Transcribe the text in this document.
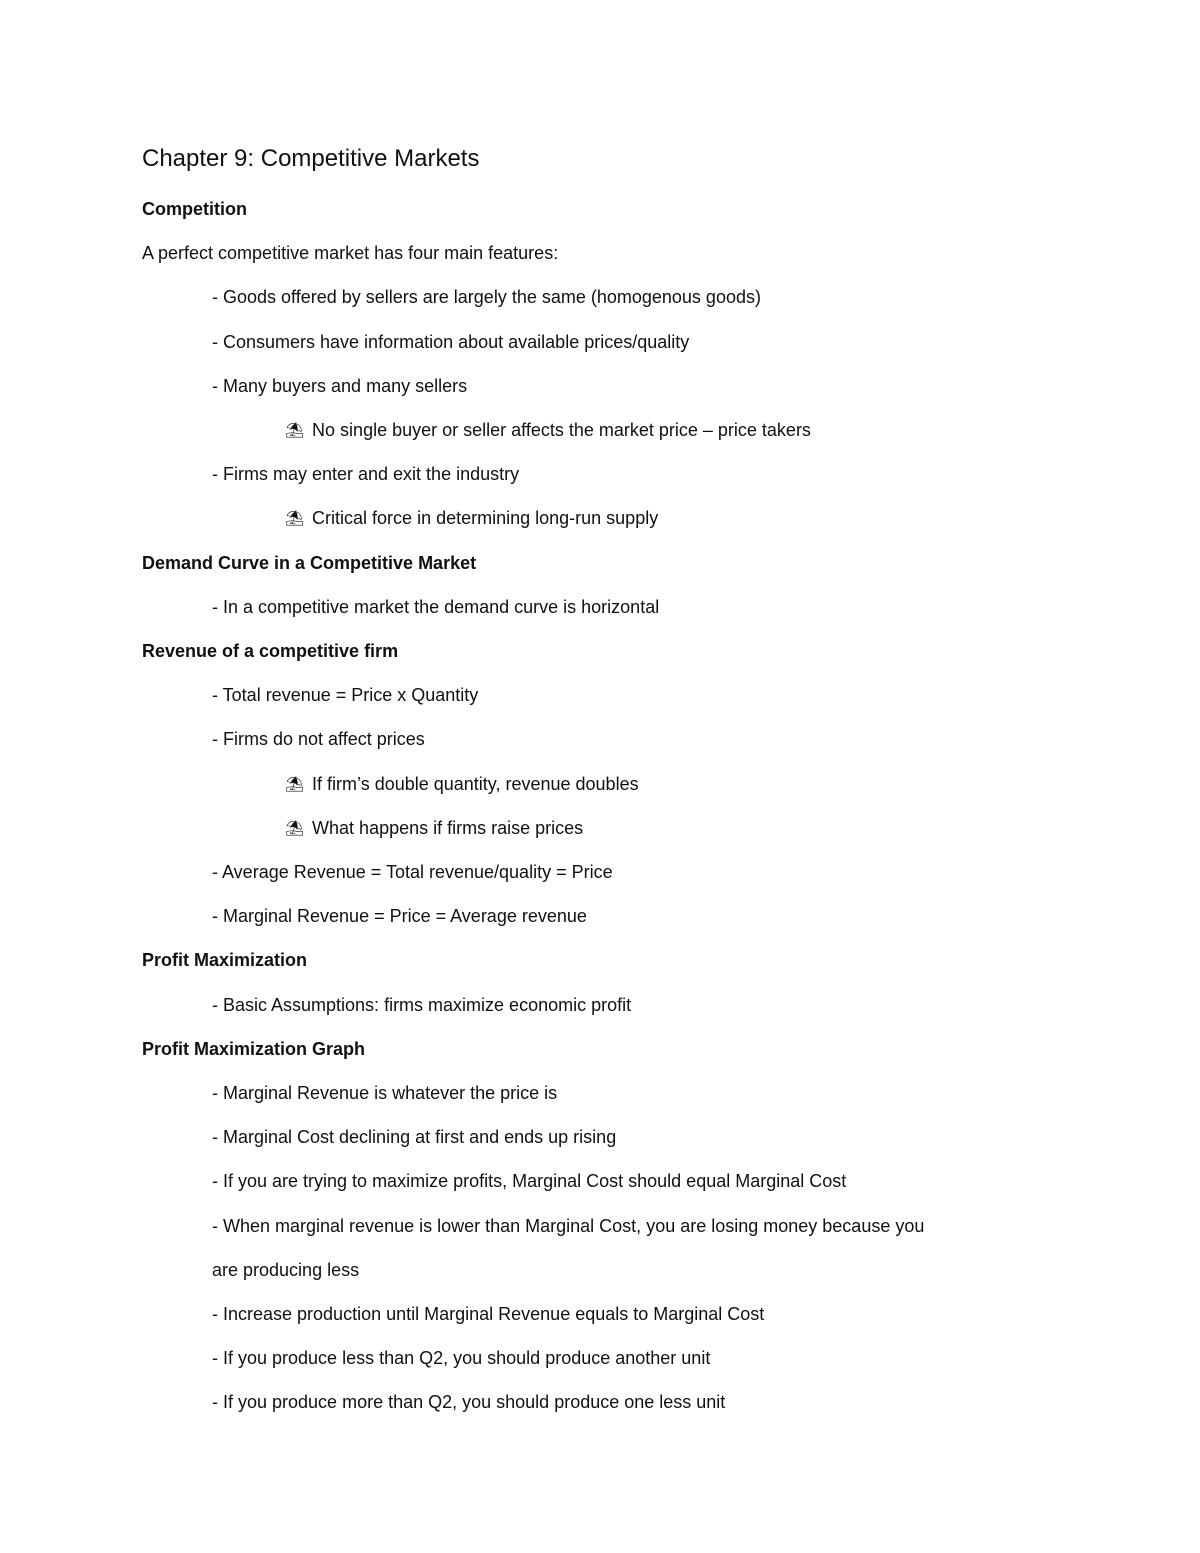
Chapter 9: Competitive Markets
Competition
A perfect competitive market has four main features:
- Goods offered by sellers are largely the same (homogenous goods)
- Consumers have information about available prices/quality
- Many buyers and many sellers
⛱ No single buyer or seller affects the market price – price takers
- Firms may enter and exit the industry
⛱ Critical force in determining long-run supply
Demand Curve in a Competitive Market
- In a competitive market the demand curve is horizontal
Revenue of a competitive firm
- Total revenue = Price x Quantity
- Firms do not affect prices
⛱ If firm’s double quantity, revenue doubles
⛱ What happens if firms raise prices
- Average Revenue = Total revenue/quality = Price
- Marginal Revenue = Price = Average revenue
Profit Maximization
- Basic Assumptions: firms maximize economic profit
Profit Maximization Graph
- Marginal Revenue is whatever the price is
- Marginal Cost declining at first and ends up rising
- If you are trying to maximize profits, Marginal Cost should equal Marginal Cost
- When marginal revenue is lower than Marginal Cost, you are losing money because you
are producing less
- Increase production until Marginal Revenue equals to Marginal Cost
- If you produce less than Q2, you should produce another unit
- If you produce more than Q2, you should produce one less unit
